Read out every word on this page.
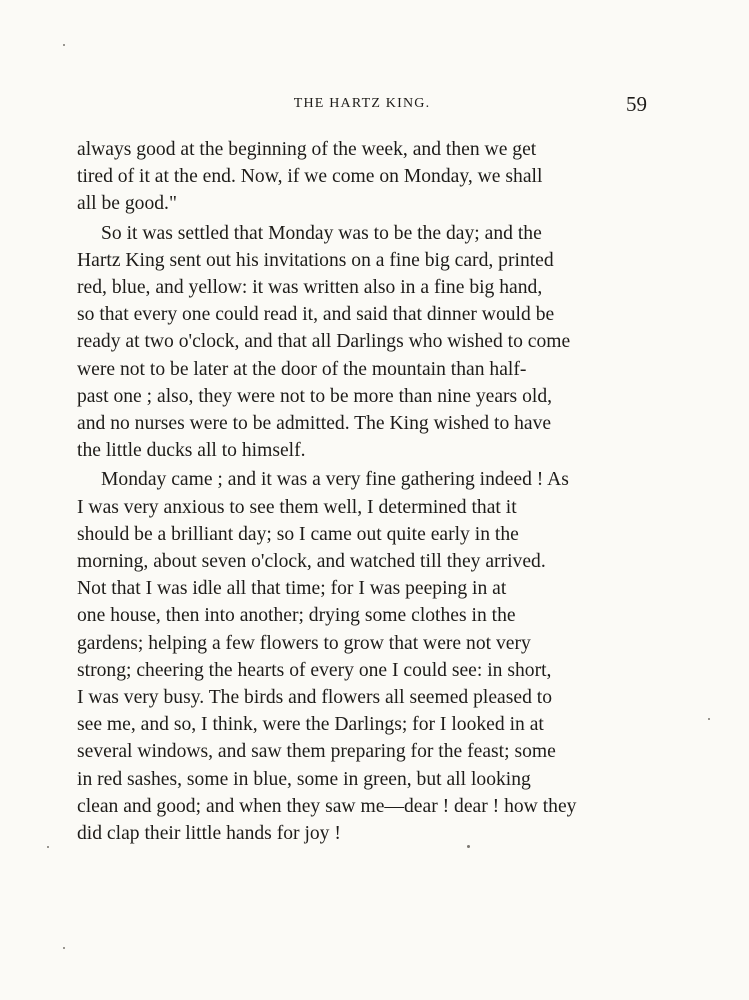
THE HARTZ KING.	59

always good at the beginning of the week, and then we get
tired of it at the end. Now, if we come on Monday, we shall
all be good."

So it was settled that Monday was to be the day; and the
Hartz King sent out his invitations on a fine big card, printed
red, blue, and yellow: it was written also in a fine big hand,
so that every one could read it, and said that dinner would be
ready at two o'clock, and that all Darlings who wished to come
were not to be later at the door of the mountain than half-
past one ; also, they were not to be more than nine years old,
and no nurses were to be admitted. The King wished to have
the little ducks all to himself.

Monday came ; and it was a very fine gathering indeed ! As
I was very anxious to see them well, I determined that it
should be a brilliant day; so I came out quite early in the
morning, about seven o'clock, and watched till they arrived.
Not that I was idle all that time; for I was peeping in at
one house, then into another; drying some clothes in the
gardens; helping a few flowers to grow that were not very
strong; cheering the hearts of every one I could see: in short,
I was very busy. The birds and flowers all seemed pleased to
see me, and so, I think, were the Darlings; for I looked in at
several windows, and saw them preparing for the feast; some
in red sashes, some in blue, some in green, but all looking
clean and good; and when they saw me—dear ! dear ! how they
did clap their little hands for joy !
